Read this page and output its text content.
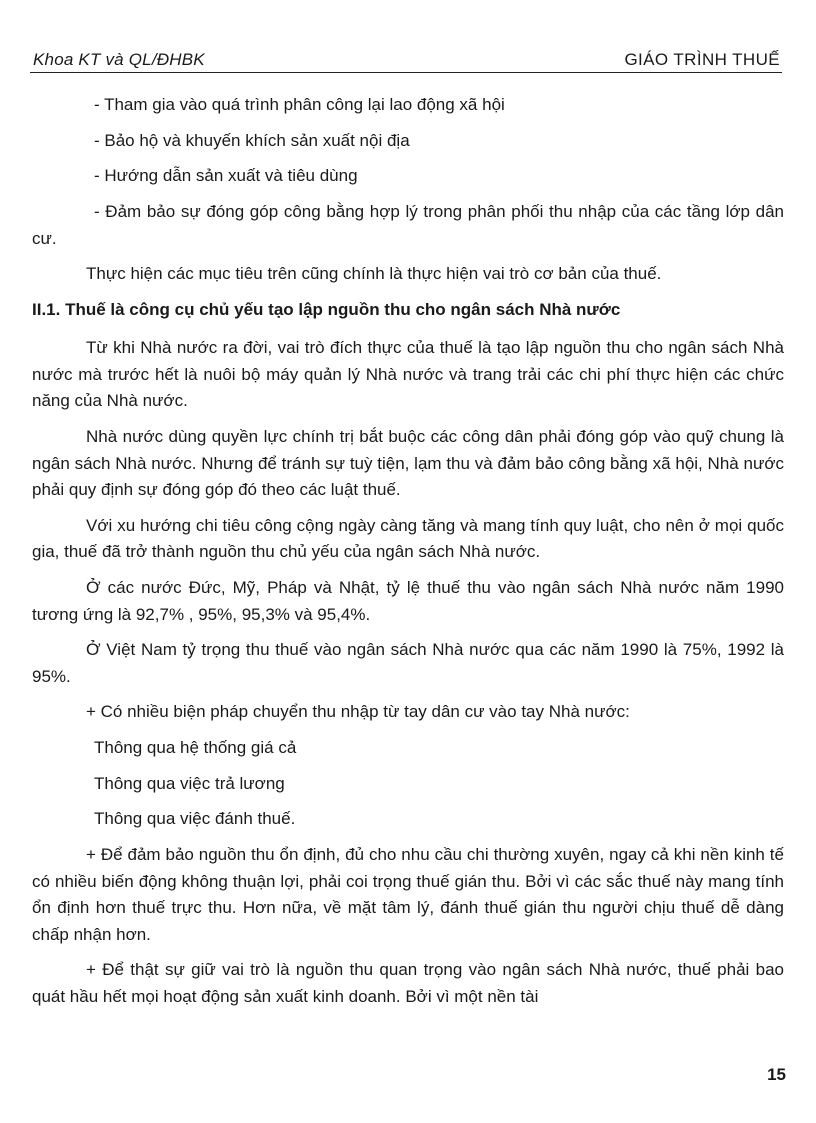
Khoa KT và QL/ĐHBK	GIÁO TRÌNH THUẾ

- Tham gia vào quá trình phân công lại lao động xã hội

- Bảo hộ và khuyến khích sản xuất nội địa

- Hướng dẫn sản xuất và tiêu dùng

- Đảm bảo sự đóng góp công bằng hợp lý trong phân phối thu nhập của các tầng lớp dân cư.

Thực hiện các mục tiêu trên cũng chính là thực hiện vai trò cơ bản của thuế.

II.1. Thuế là công cụ chủ yếu tạo lập nguồn thu cho ngân sách Nhà nước

Từ khi Nhà nước ra đời, vai trò đích thực của thuế là tạo lập nguồn thu cho ngân sách Nhà nước mà trước hết là nuôi bộ máy quản lý Nhà nước và trang trải các chi phí thực hiện các chức năng của Nhà nước.

Nhà nước dùng quyền lực chính trị bắt buộc các công dân phải đóng góp vào quỹ chung là ngân sách Nhà nước. Nhưng để tránh sự tuỳ tiện, lạm thu và đảm bảo công bằng xã hội, Nhà nước phải quy định sự đóng góp đó theo các luật thuế.

Với xu hướng chi tiêu công cộng ngày càng tăng và mang tính quy luật, cho nên ở mọi quốc gia, thuế đã trở thành nguồn thu chủ yếu của ngân sách Nhà nước.

Ở các nước Đức, Mỹ, Pháp và Nhật, tỷ lệ thuế thu vào ngân sách Nhà nước năm 1990 tương ứng là 92,7% , 95%, 95,3% và 95,4%.

Ở Việt Nam tỷ trọng thu thuế vào ngân sách Nhà nước qua các năm 1990 là 75%, 1992 là 95%.

+ Có nhiều biện pháp chuyển thu nhập từ tay dân cư vào tay Nhà nước:

Thông qua hệ thống giá cả

Thông qua việc trả lương

Thông qua việc đánh thuế.

+ Để đảm bảo nguồn thu ổn định, đủ cho nhu cầu chi thường xuyên, ngay cả khi nền kinh tế có nhiều biến động không thuận lợi, phải coi trọng thuế gián thu. Bởi vì các sắc thuế này mang tính ổn định hơn thuế trực thu. Hơn nữa, về mặt tâm lý, đánh thuế gián thu người chịu thuế dễ dàng chấp nhận hơn.

+ Để thật sự giữ vai trò là nguồn thu quan trọng vào ngân sách Nhà nước, thuế phải bao quát hầu hết mọi hoạt động sản xuất kinh doanh. Bởi vì một nền tài

15
